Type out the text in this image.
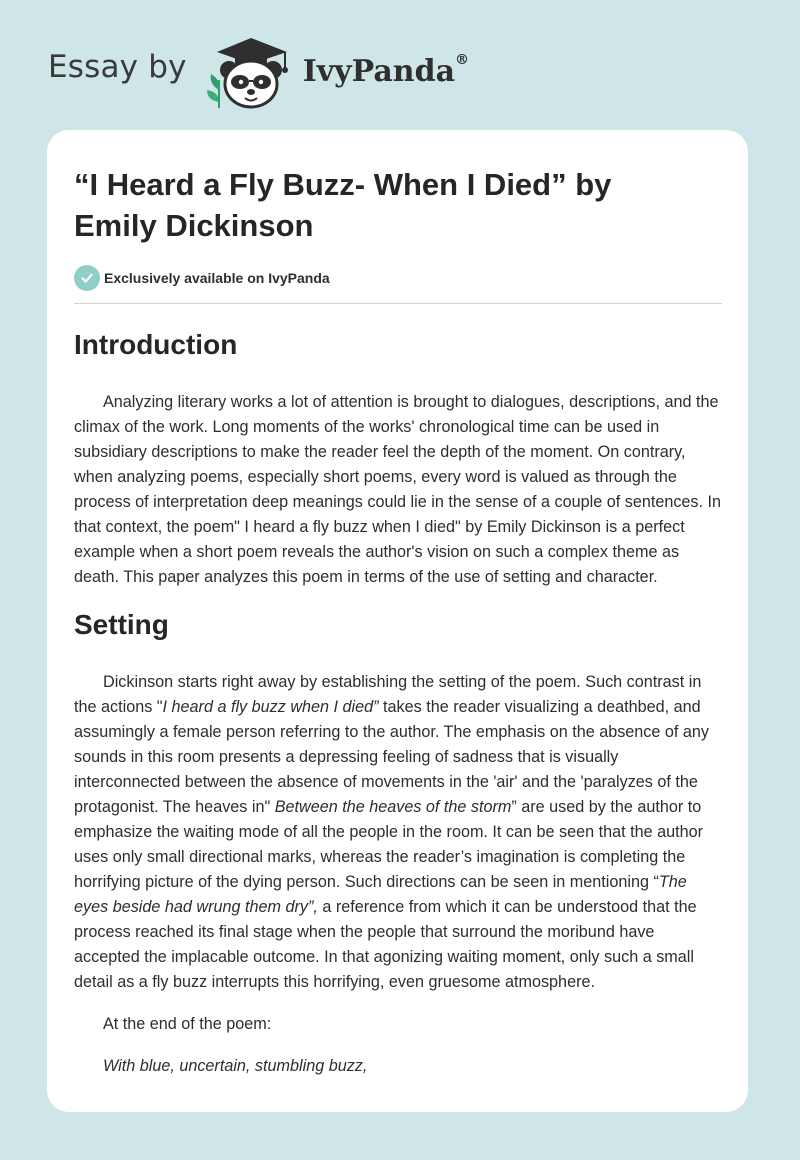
Essay by	IvyPanda®
“I Heard a Fly Buzz- When I Died” by
Emily Dickinson
Exclusively available on IvyPanda
Introduction

Analyzing literary works a lot of attention is brought to dialogues, descriptions, and the climax of the work. Long moments of the works' chronological time can be used in subsidiary descriptions to make the reader feel the depth of the moment. On contrary, when analyzing poems, especially short poems, every word is valued as through the process of interpretation deep meanings could lie in the sense of a couple of sentences. In that context, the poem" I heard a fly buzz when I died" by Emily Dickinson is a perfect example when a short poem reveals the author's vision on such a complex theme as death. This paper analyzes this poem in terms of the use of setting and character.

Setting

Dickinson starts right away by establishing the setting of the poem. Such contrast in the actions "I heard a fly buzz when I died” takes the reader visualizing a deathbed, and assumingly a female person referring to the author. The emphasis on the absence of any sounds in this room presents a depressing feeling of sadness that is visually interconnected between the absence of movements in the 'air' and the 'paralyzes of the protagonist. The heaves in" Between the heaves of the storm” are used by the author to emphasize the waiting mode of all the people in the room. It can be seen that the author uses only small directional marks, whereas the reader’s imagination is completing the horrifying picture of the dying person. Such directions can be seen in mentioning “The eyes beside had wrung them dry”, a reference from which it can be understood that the process reached its final stage when the people that surround the moribund have accepted the implacable outcome. In that agonizing waiting moment, only such a small detail as a fly buzz interrupts this horrifying, even gruesome atmosphere.

At the end of the poem:

With blue, uncertain, stumbling buzz,
